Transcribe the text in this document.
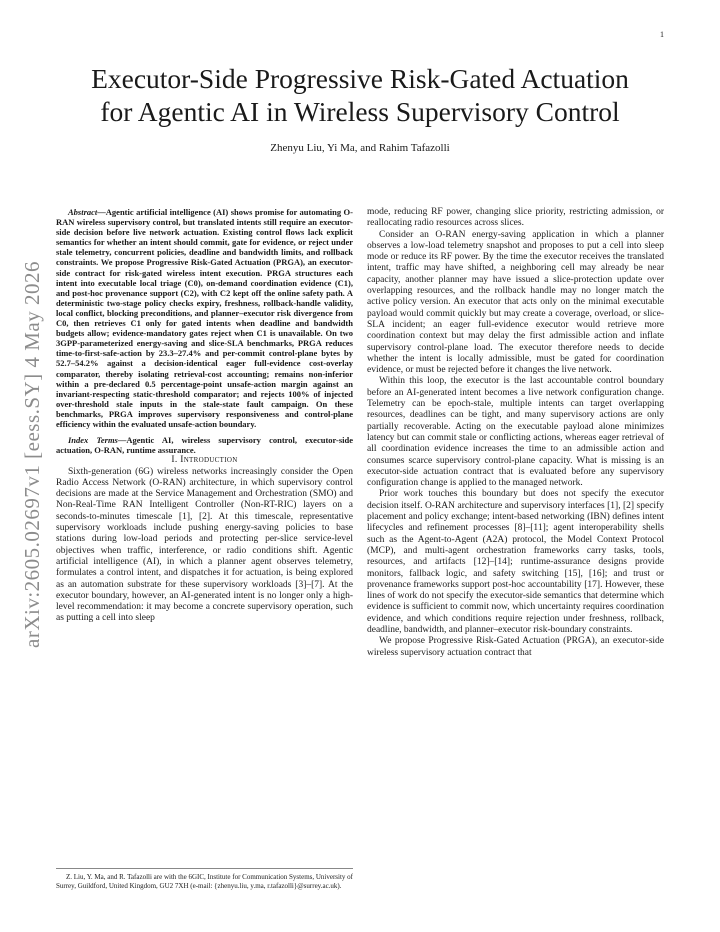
1
arXiv:2605.02697v1 [eess.SY] 4 May 2026
Executor-Side Progressive Risk-Gated Actuation
for Agentic AI in Wireless Supervisory Control
Zhenyu Liu, Yi Ma, and Rahim Tafazolli

Abstract—Agentic artificial intelligence (AI) shows promise for automating O-RAN wireless supervisory control, but translated intents still require an executor-side decision before live network actuation. Existing control flows lack explicit semantics for whether an intent should commit, gate for evidence, or reject under stale telemetry, concurrent policies, deadline and bandwidth limits, and rollback constraints. We propose Progressive Risk-Gated Actuation (PRGA), an executor-side contract for risk-gated wireless intent execution. PRGA structures each intent into executable local triage (C0), on-demand coordination evidence (C1), and post-hoc provenance support (C2), with C2 kept off the online safety path. A deterministic two-stage policy checks expiry, freshness, rollback-handle validity, local conflict, blocking preconditions, and planner–executor risk divergence from C0, then retrieves C1 only for gated intents when deadline and bandwidth budgets allow; evidence-mandatory gates reject when C1 is unavailable. On two 3GPP-parameterized energy-saving and slice-SLA benchmarks, PRGA reduces time-to-first-safe-action by 23.3–27.4% and per-commit control-plane bytes by 52.7–54.2% against a decision-identical eager full-evidence cost-overlay comparator, thereby isolating retrieval-cost accounting; remains non-inferior within a pre-declared 0.5 percentage-point unsafe-action margin against an invariant-respecting static-threshold comparator; and rejects 100% of injected over-threshold stale inputs in the stale-state fault campaign. On these benchmarks, PRGA improves supervisory responsiveness and control-plane efficiency within the evaluated unsafe-action boundary.

Index Terms—Agentic AI, wireless supervisory control, executor-side actuation, O-RAN, runtime assurance.

I. Introduction

Sixth-generation (6G) wireless networks increasingly consider the Open Radio Access Network (O-RAN) architecture, in which supervisory control decisions are made at the Service Management and Orchestration (SMO) and Non-Real-Time RAN Intelligent Controller (Non-RT-RIC) layers on a seconds-to-minutes timescale [1], [2]. At this timescale, representative supervisory workloads include pushing energy-saving policies to base stations during low-load periods and protecting per-slice service-level objectives when traffic, interference, or radio conditions shift. Agentic artificial intelligence (AI), in which a planner agent observes telemetry, formulates a control intent, and dispatches it for actuation, is being explored as an automation substrate for these supervisory workloads [3]–[7]. At the executor boundary, however, an AI-generated intent is no longer only a high-level recommendation: it may become a concrete supervisory operation, such as putting a cell into sleep

Z. Liu, Y. Ma, and R. Tafazolli are with the 6GIC, Institute for Communication Systems, University of Surrey, Guildford, United Kingdom, GU2 7XH (e-mail: {zhenyu.liu, y.ma, r.tafazolli}@surrey.ac.uk).

mode, reducing RF power, changing slice priority, restricting admission, or reallocating radio resources across slices.

Consider an O-RAN energy-saving application in which a planner observes a low-load telemetry snapshot and proposes to put a cell into sleep mode or reduce its RF power. By the time the executor receives the translated intent, traffic may have shifted, a neighboring cell may already be near capacity, another planner may have issued a slice-protection update over overlapping resources, and the rollback handle may no longer match the active policy version. An executor that acts only on the minimal executable payload would commit quickly but may create a coverage, overload, or slice-SLA incident; an eager full-evidence executor would retrieve more coordination context but may delay the first admissible action and inflate supervisory control-plane load. The executor therefore needs to decide whether the intent is locally admissible, must be gated for coordination evidence, or must be rejected before it changes the live network.

Within this loop, the executor is the last accountable control boundary before an AI-generated intent becomes a live network configuration change. Telemetry can be epoch-stale, multiple intents can target overlapping resources, deadlines can be tight, and many supervisory actions are only partially recoverable. Acting on the executable payload alone minimizes latency but can commit stale or conflicting actions, whereas eager retrieval of all coordination evidence increases the time to an admissible action and consumes scarce supervisory control-plane capacity. What is missing is an executor-side actuation contract that is evaluated before any supervisory configuration change is applied to the managed network.

Prior work touches this boundary but does not specify the executor decision itself. O-RAN architecture and supervisory interfaces [1], [2] specify placement and policy exchange; intent-based networking (IBN) defines intent lifecycles and refinement processes [8]–[11]; agent interoperability shells such as the Agent-to-Agent (A2A) protocol, the Model Context Protocol (MCP), and multi-agent orchestration frameworks carry tasks, tools, resources, and artifacts [12]–[14]; runtime-assurance designs provide monitors, fallback logic, and safety switching [15], [16]; and trust or provenance frameworks support post-hoc accountability [17]. However, these lines of work do not specify the executor-side semantics that determine which evidence is sufficient to commit now, which uncertainty requires coordination evidence, and which conditions require rejection under freshness, rollback, deadline, bandwidth, and planner–executor risk-boundary constraints.

We propose Progressive Risk-Gated Actuation (PRGA), an executor-side wireless supervisory actuation contract that
